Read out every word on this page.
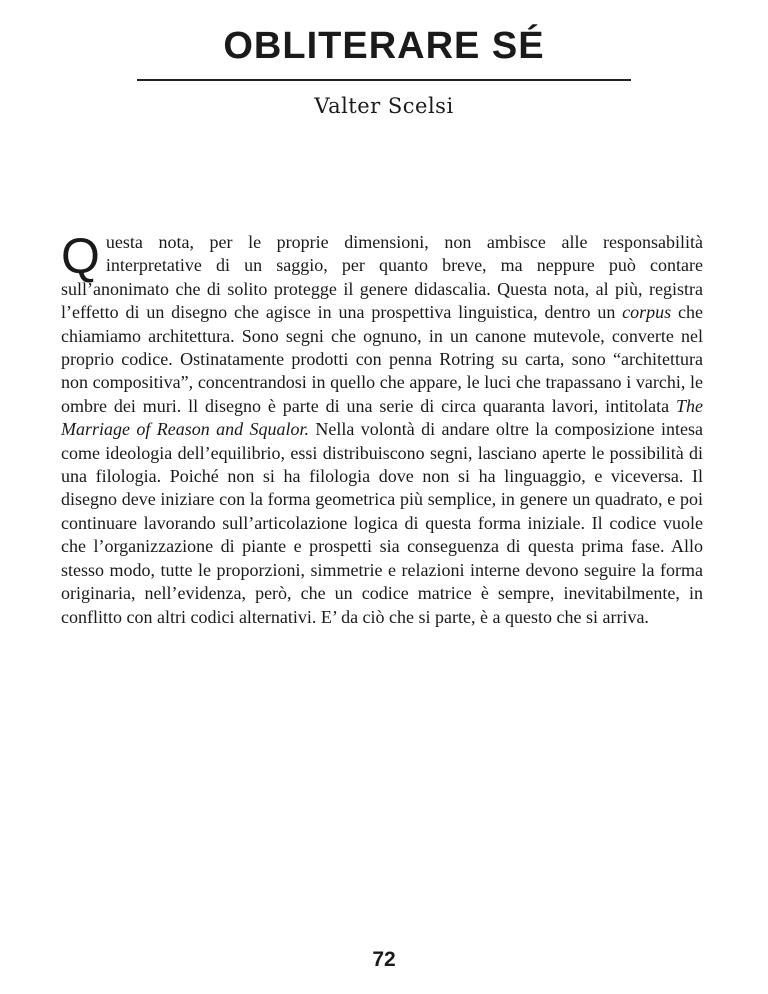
OBLITERARE SÉ
Valter Scelsi

Questa nota, per le proprie dimensioni, non ambisce alle responsabilità interpretative di un saggio, per quanto breve, ma neppure può contare sull’anonimato che di solito protegge il genere didascalia. Questa nota, al più, registra l’effetto di un disegno che agisce in una prospettiva linguistica, dentro un corpus che chiamiamo architettura. Sono segni che ognuno, in un canone mutevole, converte nel proprio codice. Ostinatamente prodotti con penna Rotring su carta, sono “architettura non compositiva”, concentrandosi in quello che appare, le luci che trapassano i varchi, le ombre dei muri. ll disegno è parte di una serie di circa quaranta lavori, intitolata The Marriage of Reason and Squalor. Nella volontà di andare oltre la composizione intesa come ideologia dell’equilibrio, essi distribuiscono segni, lasciano aperte le possibilità di una filologia. Poiché non si ha filologia dove non si ha linguaggio, e viceversa. Il disegno deve iniziare con la forma geometrica più semplice, in genere un quadrato, e poi continuare lavorando sull’articolazione logica di questa forma iniziale. Il codice vuole che l’organizzazione di piante e prospetti sia conseguenza di questa prima fase. Allo stesso modo, tutte le proporzioni, simmetrie e relazioni interne devono seguire la forma originaria, nell’evidenza, però, che un codice matrice è sempre, inevitabilmente, in conflitto con altri codici alternativi. E’ da ciò che si parte, è a questo che si arriva.

72
